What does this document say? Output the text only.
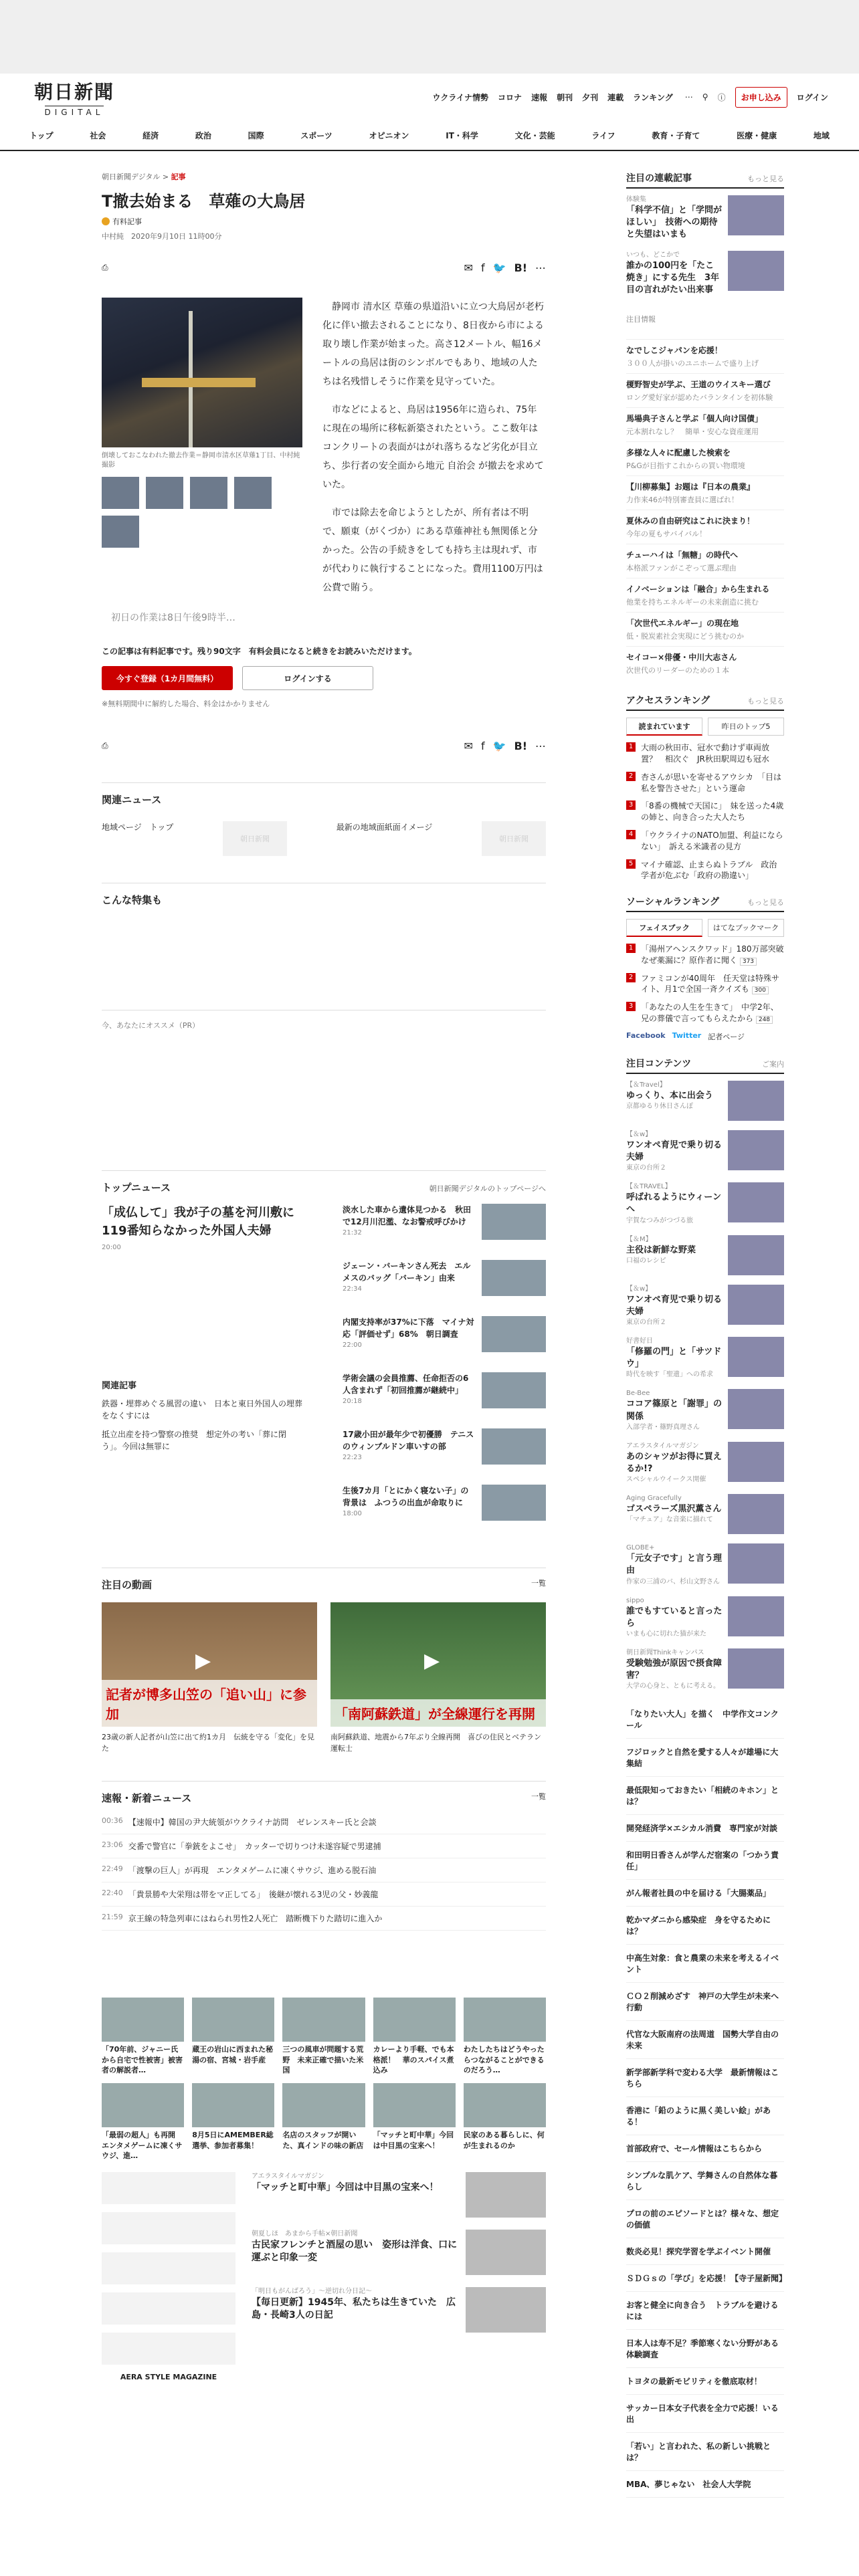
朝日新聞
DIGITAL
ウクライナ情勢 コロナ 速報 朝刊 夕刊 連載 ランキング ⋯ ⚲ ⓘ	お申し込み	ログイン
トップ	社会	経済	政治	国際	スポーツ	オピニオン	IT・科学	文化・芸能	ライフ	教育・子育て	医療・健康	地域
朝日新聞デジタル > 記事
T撤去始まる　草薙の大鳥居
有料記事
中村純　 2020年9月10日 11時00分
⎙	✉ f 🐦 B! ⋯
倒壊しておこなわれた撤去作業＝静岡市清水区草薙1丁目、中村純撮影

静岡市 清水区 草薙の県道沿いに立つ大鳥居が老朽化に伴い撤去されることになり、8日夜から市による取り壊し作業が始まった。高さ12メートル、幅16メートルの鳥居は街のシンボルでもあり、地域の人たちは名残惜しそうに作業を見守っていた。

市などによると、鳥居は1956年に造られ、75年に現在の場所に移転新築されたという。ここ数年はコンクリートの表面がはがれ落ちるなど劣化が目立ち、歩行者の安全面から地元 自治会 が撤去を求めていた。

市では除去を命じようとしたが、所有者は不明で、願東（がくづか）にある草薙神社も無関係と分かった。公告の手続きをしても持ち主は現れず、市が代わりに執行することになった。費用1100万円は公費で賄う。

初日の作業は8日午後9時半…
この記事は有料記事です。残り90文字　有料会員になると続きをお読みいただけます。
今すぐ登録（1カ月間無料）	ログインする
※無料期間中に解約した場合、料金はかかりません
⎙	✉ f 🐦 B! ⋯
関連ニュース
地域ページ　トップ
朝日新聞
最新の地域面紙面イメージ
朝日新聞
こんな特集も
今、あなたにオススメ（PR）
トップニュース	朝日新聞デジタルのトップページへ
「成仏して」我が子の墓を河川敷に　119番知らなかった外国人夫婦
20:00
関連記事
鉄器・埋葬めぐる風習の違い　日本と東日外国人の埋葬をなくすには
抵立出産を持つ警察の推奨　想定外の考い「葬に閉う」。今回は無罪に
淡水した車から遺体見つかる　秋田で12月川氾濫、なお警戒呼びかけ
21:32
ジェーン・バーキンさん死去　エルメスのバッグ「バーキン」由来
22:34
内閣支持率が37%に下落　マイナ対応「評価せず」68%　朝日調査
22:00
学術会議の会員推薦、任命拒否の6人含まれず「初回推薦が継続中」
20:18
17歳小田が最年少で初優勝　テニスのウィンブルドン車いすの部
22:23
生後7カ月「とにかく寝ない子」の背景は　ふつうの出血が命取りに
18:00
注目の動画	一覧
▶
記者が博多山笠の「追い山」に参加
23歳の新人記者が山笠に出て約1カ月　伝統を守る「変化」を見た
▶
「南阿蘇鉄道」が全線運行を再開
南阿蘇鉄道、地震から7年ぶり全線再開　喜びの住民とベテラン運転士
速報・新着ニュース	一覧
00:36 【速報中】韓国の尹大統領がウクライナ訪問　ゼレンスキー氏と会談
23:06 交番で警官に「拳銃をよこせ」　カッターで切りつけ未遂容疑で男逮捕
22:49 「渡撃の巨人」が再現　エンタメゲームに凍くサウジ、進める脱石油
22:40 「貴景勝や大栄翔は帯をマ正してる」　後継が懐れる3児の父・妙義龍
21:59 京王線の特急列車にはねられ男性2人死亡　踏断機下りた踏切に進入か
「70年前、ジャニー氏から自宅で性被害」被害者の解説者…
蔵王の岩山に西まれた秘湯の宿、宮城・岩手産
三つの風車が問題する荒野　未来正確で描いた米国
カレーより手軽、でも本格派！　華のスパイス煮込み
わたしたちはどうやったらつながることができるのだろう…
「最弱の超人」も再開　エンタメゲームに凍くサウジ、進…
8月5日にAMEMBER総選挙、参加者募集！
名店のスタッフが開いた、真インドの味の新店
「マッチと町中華」今回は中目黒の宝来へ！
民家のある暮らしに、何が生まれるのか
AERA STYLE MAGAZINE
アエラスタイルマガジン
「マッチと町中華」今回は中目黒の宝来へ！
朝夏しほ　あまから手帖×朝日新聞
古民家フレンチと酒屋の思い　姿形は洋食、口に運ぶと印象一変
「明日もがんばろう」～逆切れ分日記～
【毎日更新】1945年、私たちは生きていた　広島・長崎3人の日記
注目の連載記事	もっと見る
体験集
「科学不信」と「学問がほしい」　技術への期待と失望はいまも
いつも、どこかで
誰かの100円を「たこ焼き」にする先生　3年目の言れがたい出来事
注目情報
なでしこジャパンを応援！
３００人が掛いのユニホームで盛り上げ
榎野智史が学ぶ、王道のウイスキー選び
ロング愛好家が認めたバランタインを初体験
馬場典子さんと学ぶ「個人向け国債」
元本割れなし？　簡単・安心な資産運用
多様な人々に配慮した検索を
P&Gが目指すこれからの買い物環境
【川柳募集】お題は『日本の農業』
力作来46が特別審査員に選ばれ！
夏休みの自由研究はこれに決まり！
今年の夏もサバイバル！
チューハイは「無糖」の時代へ
本格派ファンがこぞって選ぶ理由
イノベーションは「融合」から生まれる
他業を持ちエネルギーの未来創造に挑む
「次世代エネルギー」の現在地
低・脱炭素社会実現にどう挑むのか
セイコー×俳優・中川大志さん
次世代のリーダーのための１本
アクセスランキング	もっと見る
読まれています	昨日のトップ5
1 大雨の秋田市、冠水で動けず車両放置？　相次ぐ　JR秋田駅周辺も冠水
2 杏さんが思いを寄せるアウシカ　「目は私を警告させた」という運命
3 「8番の機械で天国に」　妹を送った4歳の姉と、向き合った大人たち
4 「ウクライナのNATO加盟、利益にならない」　訴える米識者の見方
5 マイナ確認、止まらぬトラブル　政治学者が危ぶむ「政府の勘違い」
ソーシャルランキング	もっと見る
フェイスブック	はてなブックマーク
1 「湯州アヘンスクワッド」180万部突破　なぜ薬漏に？原作者に聞く 373
2 ファミコンが40周年　任天堂は特殊サイト、月1で全国一斉クイズも 300
3 「あなたの人生を生きて」　中学2年、兄の葬儀で言ってもらえたから 248
Facebook Twitter 記者ページ
注目コンテンツ	ご案内
【＆Travel】
ゆっくり、本に出会う
京都ゆるり休日さんぽ
【＆w】
ワンオペ育児で乗り切る夫婦
東京の台所２
【＆TRAVEL】
呼ばれるようにウィーンへ
宇賀なつみがつづる旅
【＆M】
主役は新鮮な野菜
口福のレシピ
【＆w】
ワンオペ育児で乗り切る夫婦
東京の台所２
好書好日
「修羅の門」と「サツドウ」
時代を映す「聖遺」への希求
Be-Bee
ココア篠原と「謝罪」の関係
入部学者・篠野真理さん
アエラスタイルマガジン
あのシャツがお得に買えるか!?
スペシャルウイークス開催
Aging Gracefully
ゴスペラーズ黒沢薫さん
「マチュア」な音楽に描れて
GLOBE+
「元女子です」と言う理由
作家の三浦のバ、杉山文野さん
sippo
誰でもすていると言ったら
いまも心に切れた猫が来た
朝日新聞Thinkキャンパス
受験勉強が原因で摂食障害？
大学の心身と、ともに考える。
「なりたい大人」を描く　中学作文コンクール
フジロックと自然を愛する人々が雄場に大集結
最低限知っておきたい「相続のキホン」とは？
開発経済学×エシカル消費　専門家が対談
和田明日香さんが学んだ宿案の「つかう責任」
がん報者社員の中を届ける「大腸薬品」
乾かマダニから感染症　身を守るためには？
中高生対象：食と農業の未来を考えるイベント
ＣＯ２削減めざす　神戸の大学生が未来へ行動
代官な大阪南府の法周道　国勢大学自由の未来
新学部新学科で変わる大学　最新情報はこちら
香港に「鉛のように黒く美しい絵」がある！
首部政府で、セール情報はこちらから
シンプルな肌ケア、学舞さんの自然体な暮らし
プロの前のエピソードとは？様々な、想定の価値
数炎必見！探究学習を学ぶイベント開催
ＳＤＧｓの「学び」を応援！【寺子屋新聞】
お客と健全に向き合う　トラブルを避けるには
日本人は寿不足？季節寒くない分野がある体験調査
トヨタの最新モビリティを徹底取材！
サッカー日本女子代表を全力で応援！いる出
「若い」と言われた、私の新しい挑戦とは？
MBA、夢じゃない　社会人大学院
